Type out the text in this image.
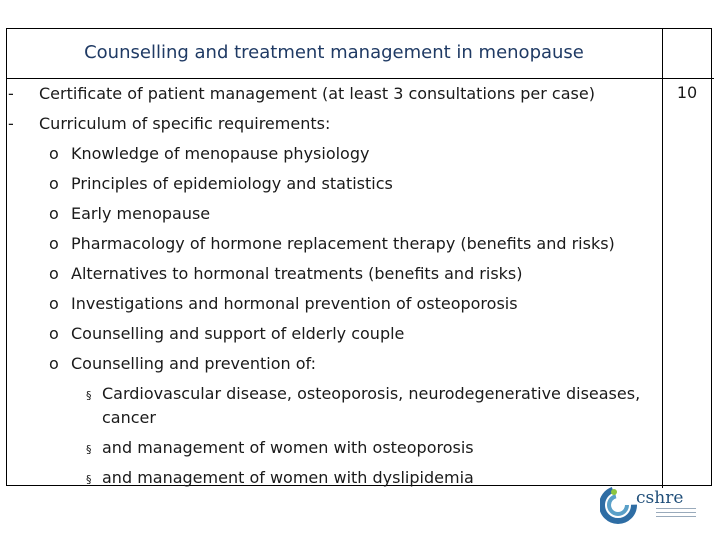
Counselling and treatment management in menopause
10
- Certificate of patient management (at least 3 consultations per case)
- Curriculum of specific requirements:
o Knowledge of menopause physiology
o Principles of epidemiology and statistics
o Early menopause
o Pharmacology of hormone replacement therapy (benefits and risks)
o Alternatives to hormonal treatments (benefits and risks)
o Investigations and hormonal prevention of osteoporosis
o Counselling and support of elderly couple
o Counselling and prevention of:
§ Cardiovascular disease, osteoporosis, neurodegenerative diseases,
cancer
§ and management of women with osteoporosis
§ and management of women with dyslipidemia
cshre
